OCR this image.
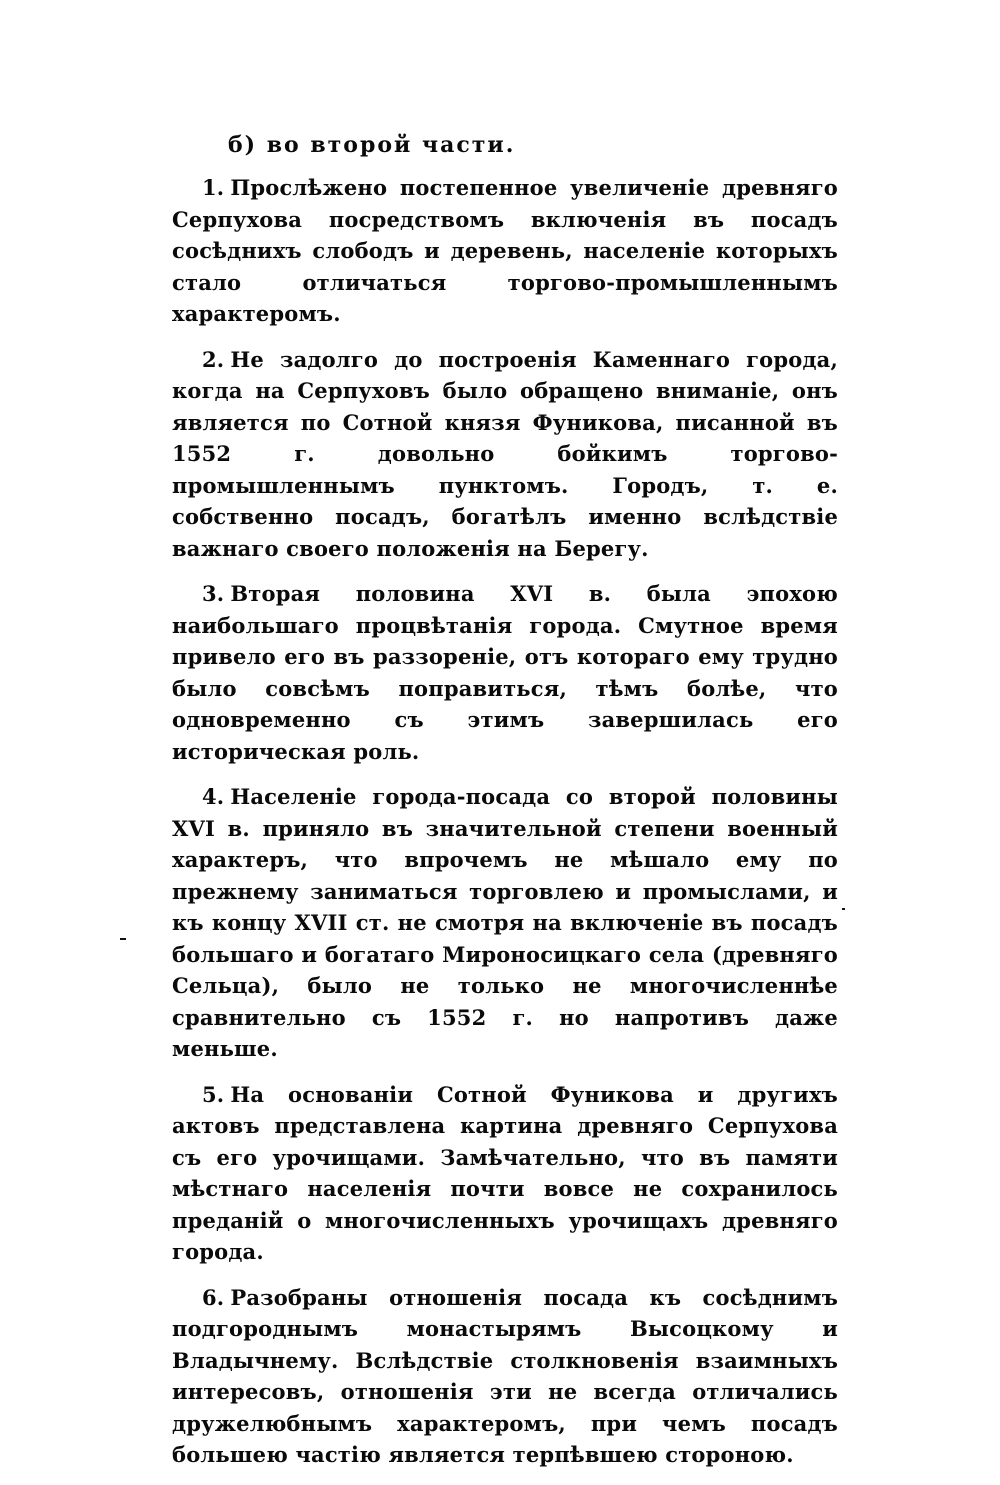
б) во второй части.

1. Прослѣжено постепенное увеличеніе древняго Серпухова посредствомъ включенія въ посадъ сосѣднихъ слободъ и деревень, населеніе которыхъ стало отличаться торгово-промышленнымъ характеромъ.

2. Не задолго до построенія Каменнаго города, когда на Серпуховъ было обращено вниманіе, онъ является по Сотной князя Фуникова, писанной въ 1552 г. довольно бойкимъ торгово-промышленнымъ пунктомъ. Городъ, т. е. собственно посадъ, богатѣлъ именно вслѣдствіе важнаго своего положенія на Берегу.

3. Вторая половина XVI в. была эпохою наибольшаго процвѣтанія города. Смутное время привело его въ раззореніе, отъ котораго ему трудно было совсѣмъ поправиться, тѣмъ болѣе, что одновременно съ этимъ завершилась его историческая роль.

4. Населеніе города-посада со второй половины XVI в. приняло въ значительной степени военный характеръ, что впрочемъ не мѣшало ему по прежнему заниматься торговлею и промыслами, и къ концу XVII ст. не смотря на включеніе въ посадъ большаго и богатаго Мироносицкаго села (древняго Сельца), было не только не многочисленнѣе сравнительно съ 1552 г. но напротивъ даже меньше.

5. На основаніи Сотной Фуникова и другихъ актовъ представлена картина древняго Серпухова съ его урочищами. Замѣчательно, что въ памяти мѣстнаго населенія почти вовсе не сохранилось преданій о многочисленныхъ урочищахъ древняго города.

6. Разобраны отношенія посада къ сосѣднимъ подгороднымъ монастырямъ Высоцкому и Владычнему. Вслѣдствіе столкновенія взаимныхъ интересовъ, отношенія эти не всегда отличались дружелюбнымъ характеромъ, при чемъ посадъ большею частію является терпѣвшею стороною.
